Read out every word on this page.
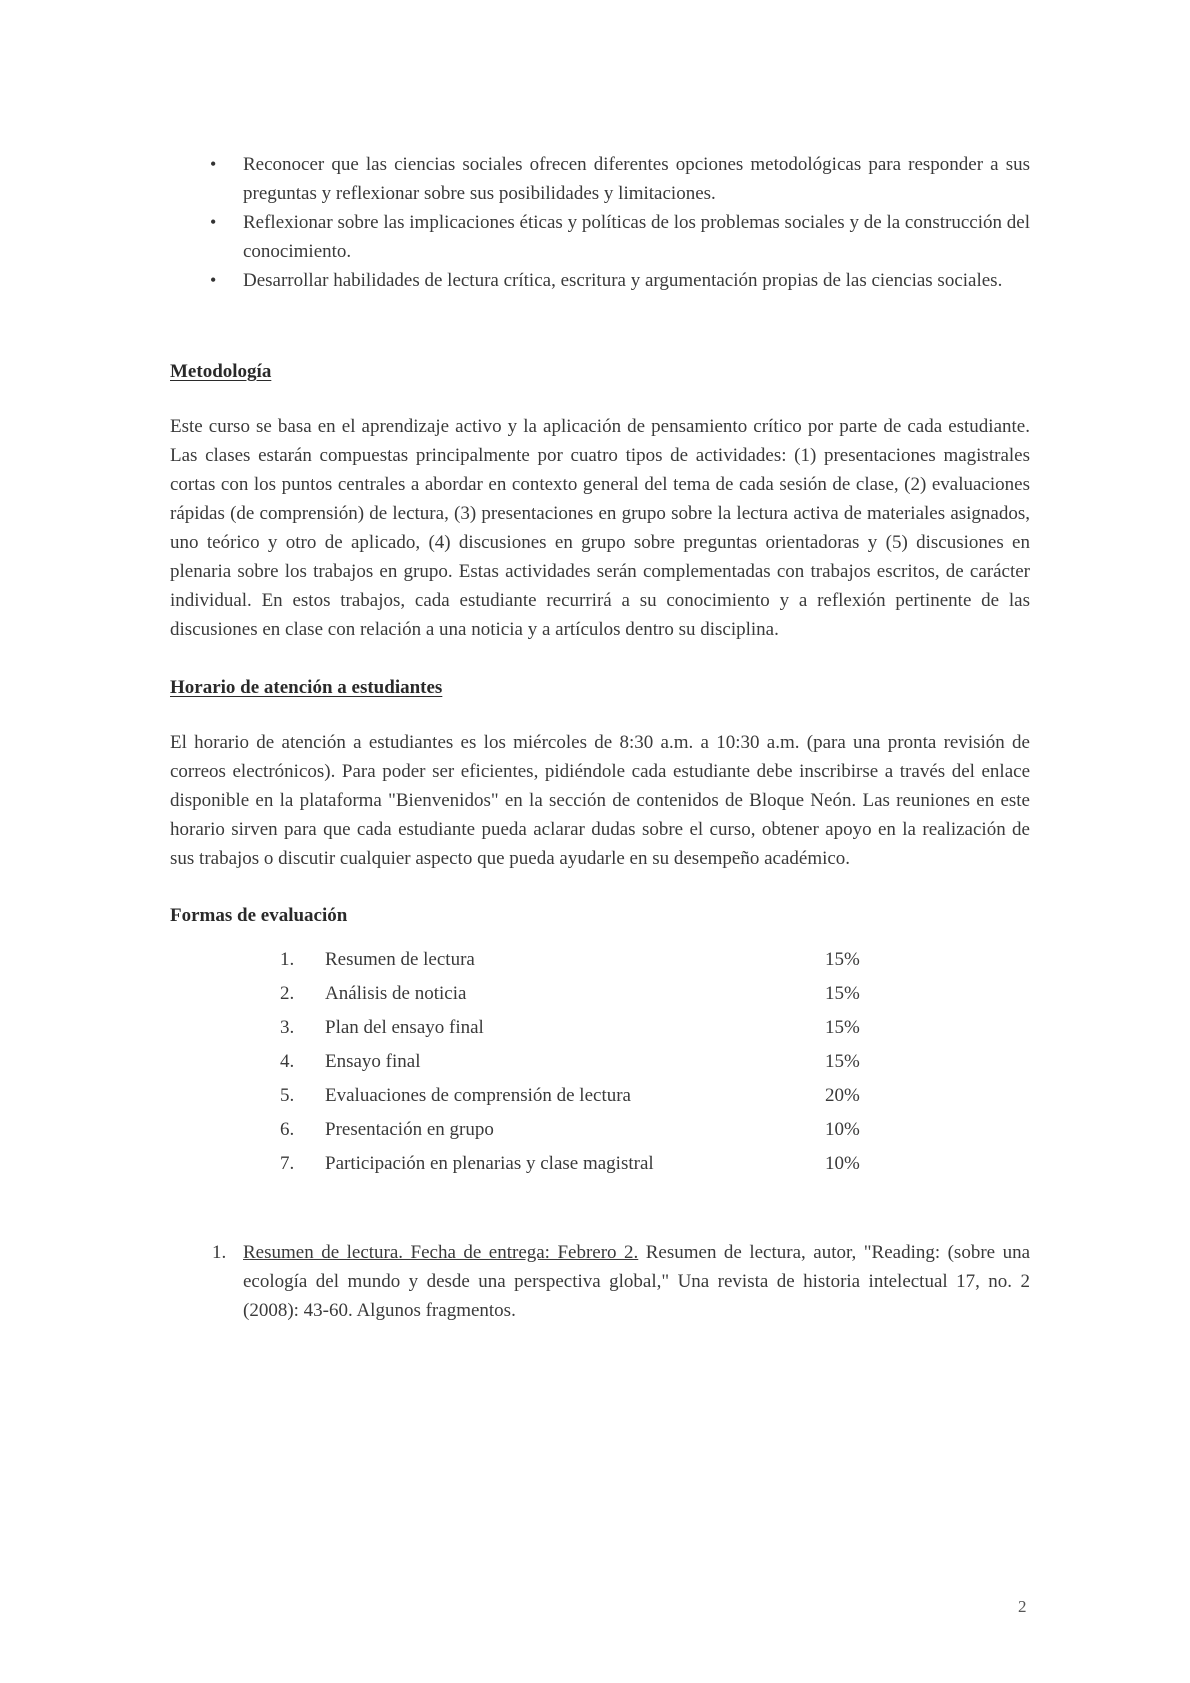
• Reconocer que las ciencias sociales ofrecen diferentes opciones metodológicas para responder a sus preguntas y reflexionar sobre sus posibilidades y limitaciones.
• Reflexionar sobre las implicaciones éticas y políticas de los problemas sociales y de la construcción del conocimiento.
• Desarrollar habilidades de lectura crítica, escritura y argumentación propias de las ciencias sociales.
Metodología

Este curso se basa en el aprendizaje activo y la aplicación de pensamiento crítico por parte de cada estudiante. Las clases estarán compuestas principalmente por cuatro tipos de actividades: (1) presentaciones magistrales cortas con los puntos centrales a abordar en contexto general del tema de cada sesión de clase, (2) evaluaciones rápidas (de comprensión) de lectura, (3) presentaciones en grupo sobre la lectura activa de materiales asignados, uno teórico y otro de aplicado, (4) discusiones en grupo sobre preguntas orientadoras y (5) discusiones en plenaria sobre los trabajos en grupo. Estas actividades serán complementadas con trabajos escritos, de carácter individual. En estos trabajos, cada estudiante recurrirá a su conocimiento y a reflexión pertinente de las discusiones en clase con relación a una noticia y a artículos dentro su disciplina.

Horario de atención a estudiantes

El horario de atención a estudiantes es los miércoles de 8:30 a.m. a 10:30 a.m. (para una pronta revisión de correos electrónicos). Para poder ser eficientes, pidiéndole cada estudiante debe inscribirse a través del enlace disponible en la plataforma "Bienvenidos" en la sección de contenidos de Bloque Neón. Las reuniones en este horario sirven para que cada estudiante pueda aclarar dudas sobre el curso, obtener apoyo en la realización de sus trabajos o discutir cualquier aspecto que pueda ayudarle en su desempeño académico.

Formas de evaluación
1.	Resumen de lectura	15%
2.	Análisis de noticia	15%
3.	Plan del ensayo final	15%
4.	Ensayo final	15%
5.	Evaluaciones de comprensión de lectura	20%
6.	Presentación en grupo	10%
7.	Participación en plenarias y clase magistral	10%
1. Resumen de lectura. Fecha de entrega: Febrero 2. Resumen de lectura, autor, "Reading: (sobre una ecología del mundo y desde una perspectiva global," Una revista de historia intelectual 17, no. 2 (2008): 43-60. Algunos fragmentos.
2
